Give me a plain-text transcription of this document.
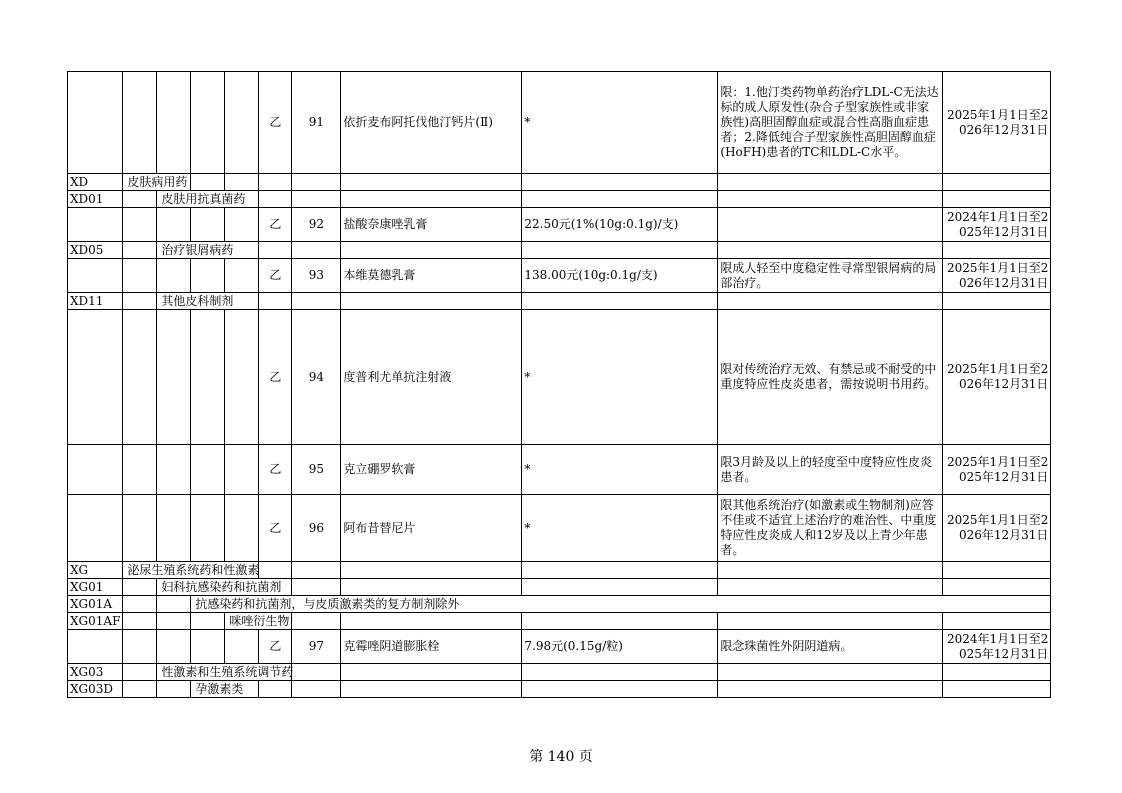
					乙	91	依折麦布阿托伐他汀钙片(Ⅱ)	*	限：1.他汀类药物单药治疗LDL-C无法达标的成人原发性(杂合子型家族性或非家族性)高胆固醇血症或混合性高脂血症患者；2.降低纯合子型家族性高胆固醇血症(HoFH)患者的TC和LDL-C水平。	2025年1月1日至2026年12月31日
XD	皮肤病用药									

XD01		皮肤用抗真菌药								

					乙	92	盐酸奈康唑乳膏	22.50元(1%(10g:0.1g)/支)		2024年1月1日至2025年12月31日
XD05		治疗银屑病药								

					乙	93	本维莫德乳膏	138.00元(10g:0.1g/支)	限成人轻至中度稳定性寻常型银屑病的局部治疗。	2025年1月1日至2026年12月31日
XD11		其他皮科制剂								

					乙	94	度普利尤单抗注射液	*	限对传统治疗无效、有禁忌或不耐受的中重度特应性皮炎患者，需按说明书用药。	2025年1月1日至2026年12月31日
					乙	95	克立硼罗软膏	*	限3月龄及以上的轻度至中度特应性皮炎患者。	2025年1月1日至2025年12月31日
					乙	96	阿布昔替尼片	*	限其他系统治疗(如激素或生物制剂)应答不佳或不适宜上述治疗的难治性、中重度特应性皮炎成人和12岁及以上青少年患者。	2025年1月1日至2026年12月31日
XG	泌尿生殖系统药和性激素									

XG01		妇科抗感染药和抗菌剂								

XG01A			抗感染药和抗菌剂，与皮质激素类的复方制剂除外							

XG01AF				咪唑衍生物						

					乙	97	克霉唑阴道膨胀栓	7.98元(0.15g/粒)	限念珠菌性外阴阴道病。	2024年1月1日至2025年12月31日
XG03		性激素和生殖系统调节药								

XG03D			孕激素类							

第 140 页
